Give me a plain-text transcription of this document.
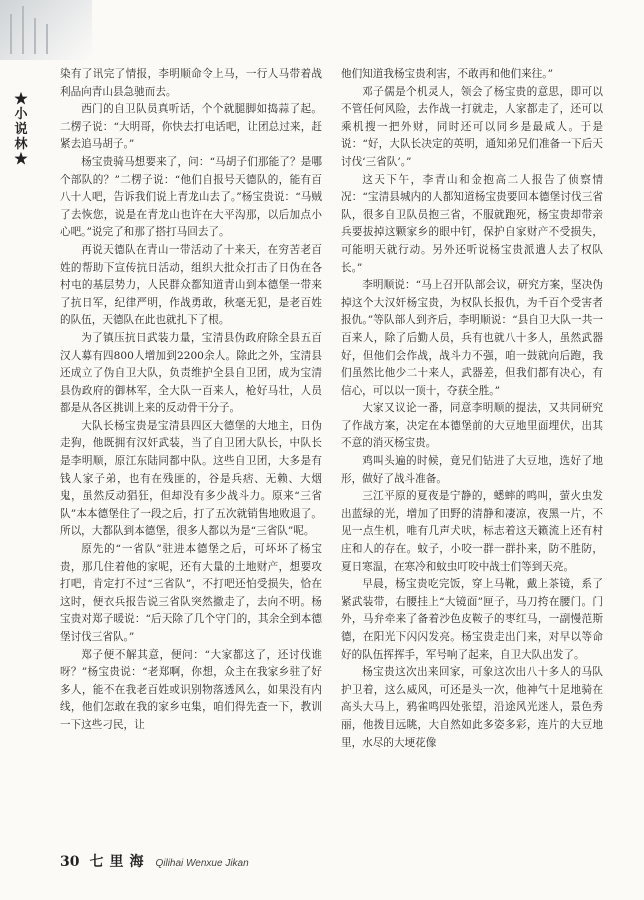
★小说林★

染有了讯完了情报，李明顺命令上马，一行人马带着战利品向青山县急驰而去。

西门的自卫队员真听话，个个就腿脚如捣蒜了起。二楞子说：“大明哥，你快去打电话吧，让团总过来，赶紧去追马胡子。”

杨宝贵骑马想要来了，问：“马胡子们那能了？是哪个部队的？”二楞子说：“他们自报号天德队的，能有百八十人吧，告诉我们说上青龙山去了。”杨宝贵说：“马贼了去恢您，说是在青龙山也许在大平沟那，以后加点小心吧。”说完了和那了搭打马回去了。

再说天德队在青山一带活动了十来天，在穷苦老百姓的帮助下宣传抗日活动，组织大批众打击了日伪在各村屯的基层势力，人民群众都知道青山到本德堡一带来了抗日军，纪律严明，作战勇敢，秋毫无犯，是老百姓的队伍，天德队在此也就扎下了根。

为了镇压抗日武装力量，宝清县伪政府除全县五百汉人募有四800人增加到2200余人。除此之外，宝清县还成立了伪自卫大队，负责维护全县自卫团，成为宝清县伪政府的御林军，全大队一百来人，枪好马壮，人员都是从各区挑训上来的反动骨干分子。

大队长杨宝贵是宝清县四区大德堡的大地主，日伪走狗，他既拥有汉奸武装，当了自卫团大队长，中队长是李明顺，原江东陆同都中队。这些自卫团，大多是有钱人家子弟，也有在残匪的，谷是兵痞、无赖、大烟鬼，虽然反动猖狂，但却没有多少战斗力。原来“三省队”本本德堡住了一段之后，打了五次就销售地败退了。所以，大都队到本德堡，很多人都以为是“三省队”呢。

原先的“一省队”驻进本德堡之后，可坏坏了杨宝贵，那几住着他的家呢，还有大量的土地财产，想要攻打吧，肯定打不过“三省队”，不打吧还怕受损失，恰在这时，便衣兵报告说三省队突然撤走了，去向不明。杨宝贵对郑子暖说：“后天除了几个守门的，其余全到本德堡讨伐三省队。”

郑子便不解其意，便问：“大家都这了，还讨伐谁呀？”杨宝贵说：“老郑啊，你想，众主在我家乡驻了好多人，能不在我老百姓或识别物落透风么，如果没有内线，他们怎敢在我的家乡屯集，咱们得先查一下，教训一下这些刁民，让

他们知道我杨宝贵利害，不敢再和他们来往。”

邓子儒是个机灵人，领会了杨宝贵的意思，即可以不管任何风险，去作战一打就走，人家都走了，还可以乘机搜一把外财，同时还可以同乡是最咸人。于是说：“好，大队长决定的英明，通知弟兄们准备一下后天讨伐‘三省队’。”

这天下午，李青山和金抱高二人报告了侦察情况：“宝清县城内的人都知道杨宝贵要回本德堡讨伐三省队，很多自卫队员抱三省，不服就跑死，杨宝贵却带亲兵要拔掉这颗家乡的眼中钉，保护自家财产不受损失，可能明天就行动。另外还听说杨宝贵派遣人去了权队长。”

李明顺说：“马上召开队部会议，研究方案，坚决伪掉这个大汉奸杨宝贵，为权队长报仇，为千百个受害者报仇。”等队部人到齐后，李明顺说：“县自卫大队一共一百来人，除了后勤人员，兵有也就八十多人，虽然武器好，但他们会作战，战斗力不强，咱一鼓就向后跑，我们虽然比他少二十来人，武器差，但我们都有决心，有信心，可以以一顶十，夺获全胜。”

大家又议论一番，同意李明顺的提法，又共同研究了作战方案，决定在本德堡前的大豆地里面埋伏，出其不意的消灭杨宝贵。

鸡叫头遍的时候，竟兄们钻进了大豆地，选好了地形，做好了战斗准备。

三江平原的夏夜是宁静的，蟋蟀的鸣叫，萤火虫发出蓝绿的光，增加了田野的清静和凄凉，夜黑一片，不见一点生机，唯有几声犬吠，标志着这天籁流上还有村庄和人的存在。蚊子，小咬一群一群扑来，防不胜防，夏日寒温，在寒冷和蚊虫叮咬中战士们等到天亮。

早晨，杨宝贵吃完饭，穿上马靴，戴上茶镜，系了紧武装带，右腰挂上“大镜面”匣子，马刀挎在腰门。门外，马弁牵来了备着沙色皮鞍子的枣红马，一副慢范斯德，在阳光下闪闪发亮。杨宝贵走出门来，对早以等命好的队伍挥挥手，军号响了起来，自卫大队出发了。

杨宝贵这次出来回家，可象这次出八十多人的马队护卫着，这么威风，可还是头一次，他神气十足地骑在高头大马上，鸦雀鸣四处张望，沿途风光迷人，景色秀丽，他拨目远眺，大自然如此多姿多彩，连片的大豆地里，水尽的大埂花像

30 七里海 Qilihai Wenxue Jikan
